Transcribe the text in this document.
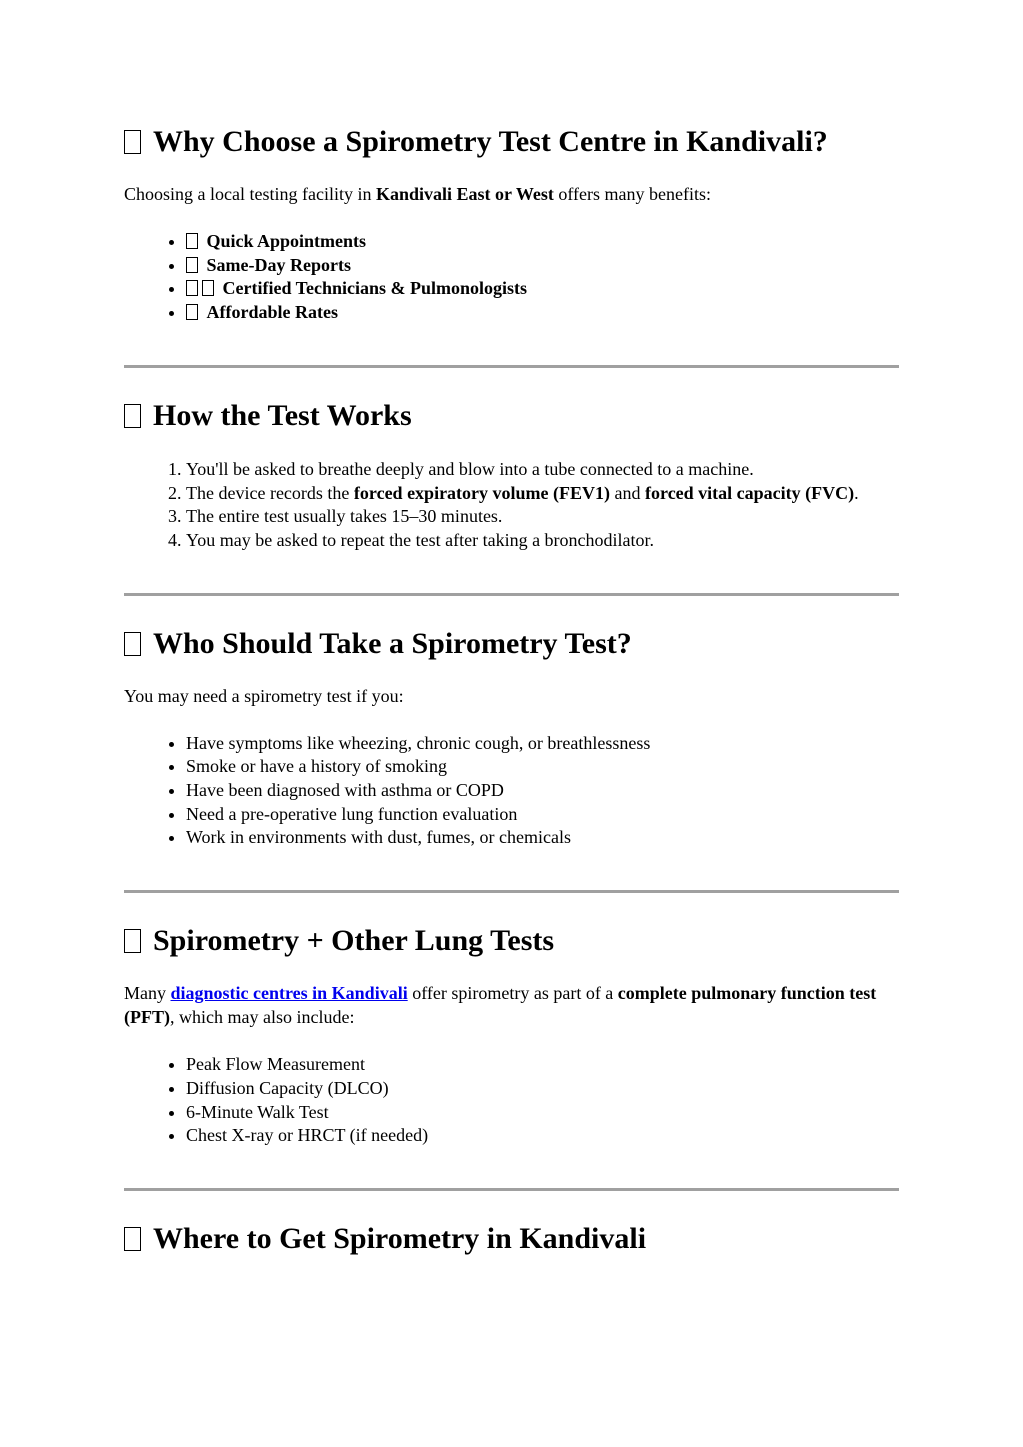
Why Choose a Spirometry Test Centre in Kandivali?

Choosing a local testing facility in Kandivali East or West offers many benefits:

• Quick Appointments
• Same-Day Reports
• Certified Technicians & Pulmonologists
• Affordable Rates
How the Test Works
1. You'll be asked to breathe deeply and blow into a tube connected to a machine.
2. The device records the forced expiratory volume (FEV1) and forced vital capacity (FVC).
3. The entire test usually takes 15–30 minutes.
4. You may be asked to repeat the test after taking a bronchodilator.
Who Should Take a Spirometry Test?

You may need a spirometry test if you:

• Have symptoms like wheezing, chronic cough, or breathlessness
• Smoke or have a history of smoking
• Have been diagnosed with asthma or COPD
• Need a pre-operative lung function evaluation
• Work in environments with dust, fumes, or chemicals
Spirometry + Other Lung Tests

Many diagnostic centres in Kandivali offer spirometry as part of a complete pulmonary function test (PFT), which may also include:

• Peak Flow Measurement
• Diffusion Capacity (DLCO)
• 6-Minute Walk Test
• Chest X-ray or HRCT (if needed)
Where to Get Spirometry in Kandivali
